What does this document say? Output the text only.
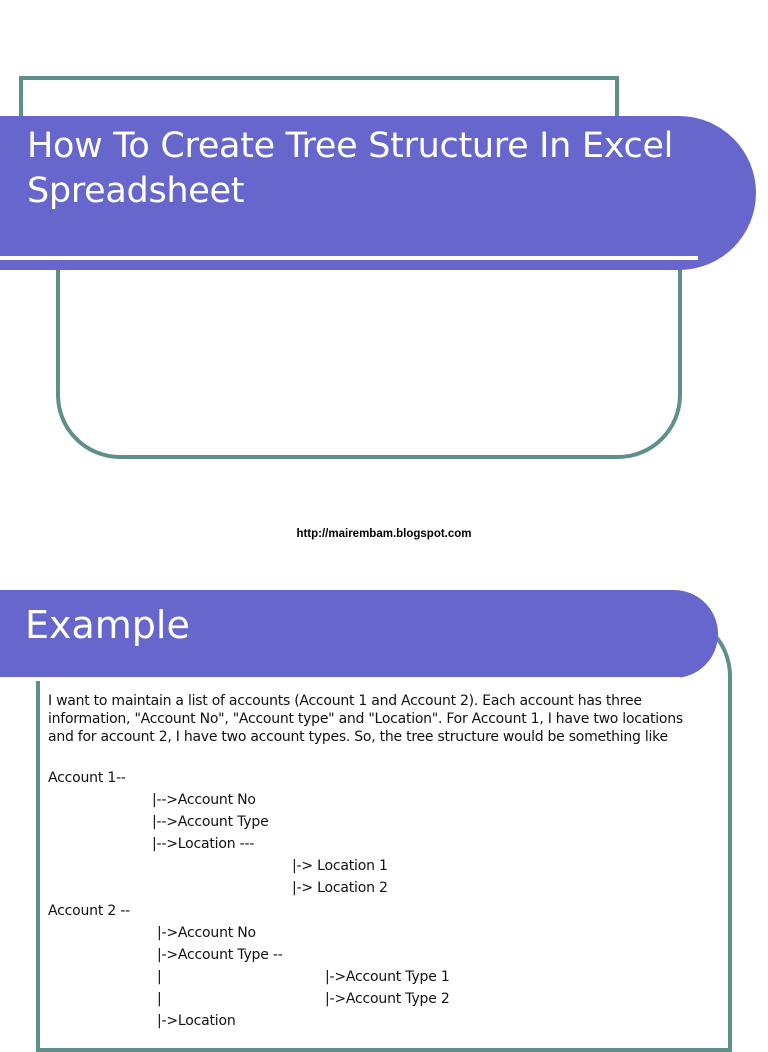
How To Create Tree Structure In Excel Spreadsheet
http://mairembam.blogspot.com
Example

I want to maintain a list of accounts (Account 1 and Account 2). Each account has three information, "Account No", "Account type" and "Location". For Account 1, I have two locations and for account 2, I have two account types. So, the tree structure would be something like

Account 1--
|-->Account No
|-->Account Type
|-->Location ---
|-> Location 1
|-> Location 2
Account 2 --
|->Account No
|->Account Type --
|	|->Account Type 1
|	|->Account Type 2
|->Location
